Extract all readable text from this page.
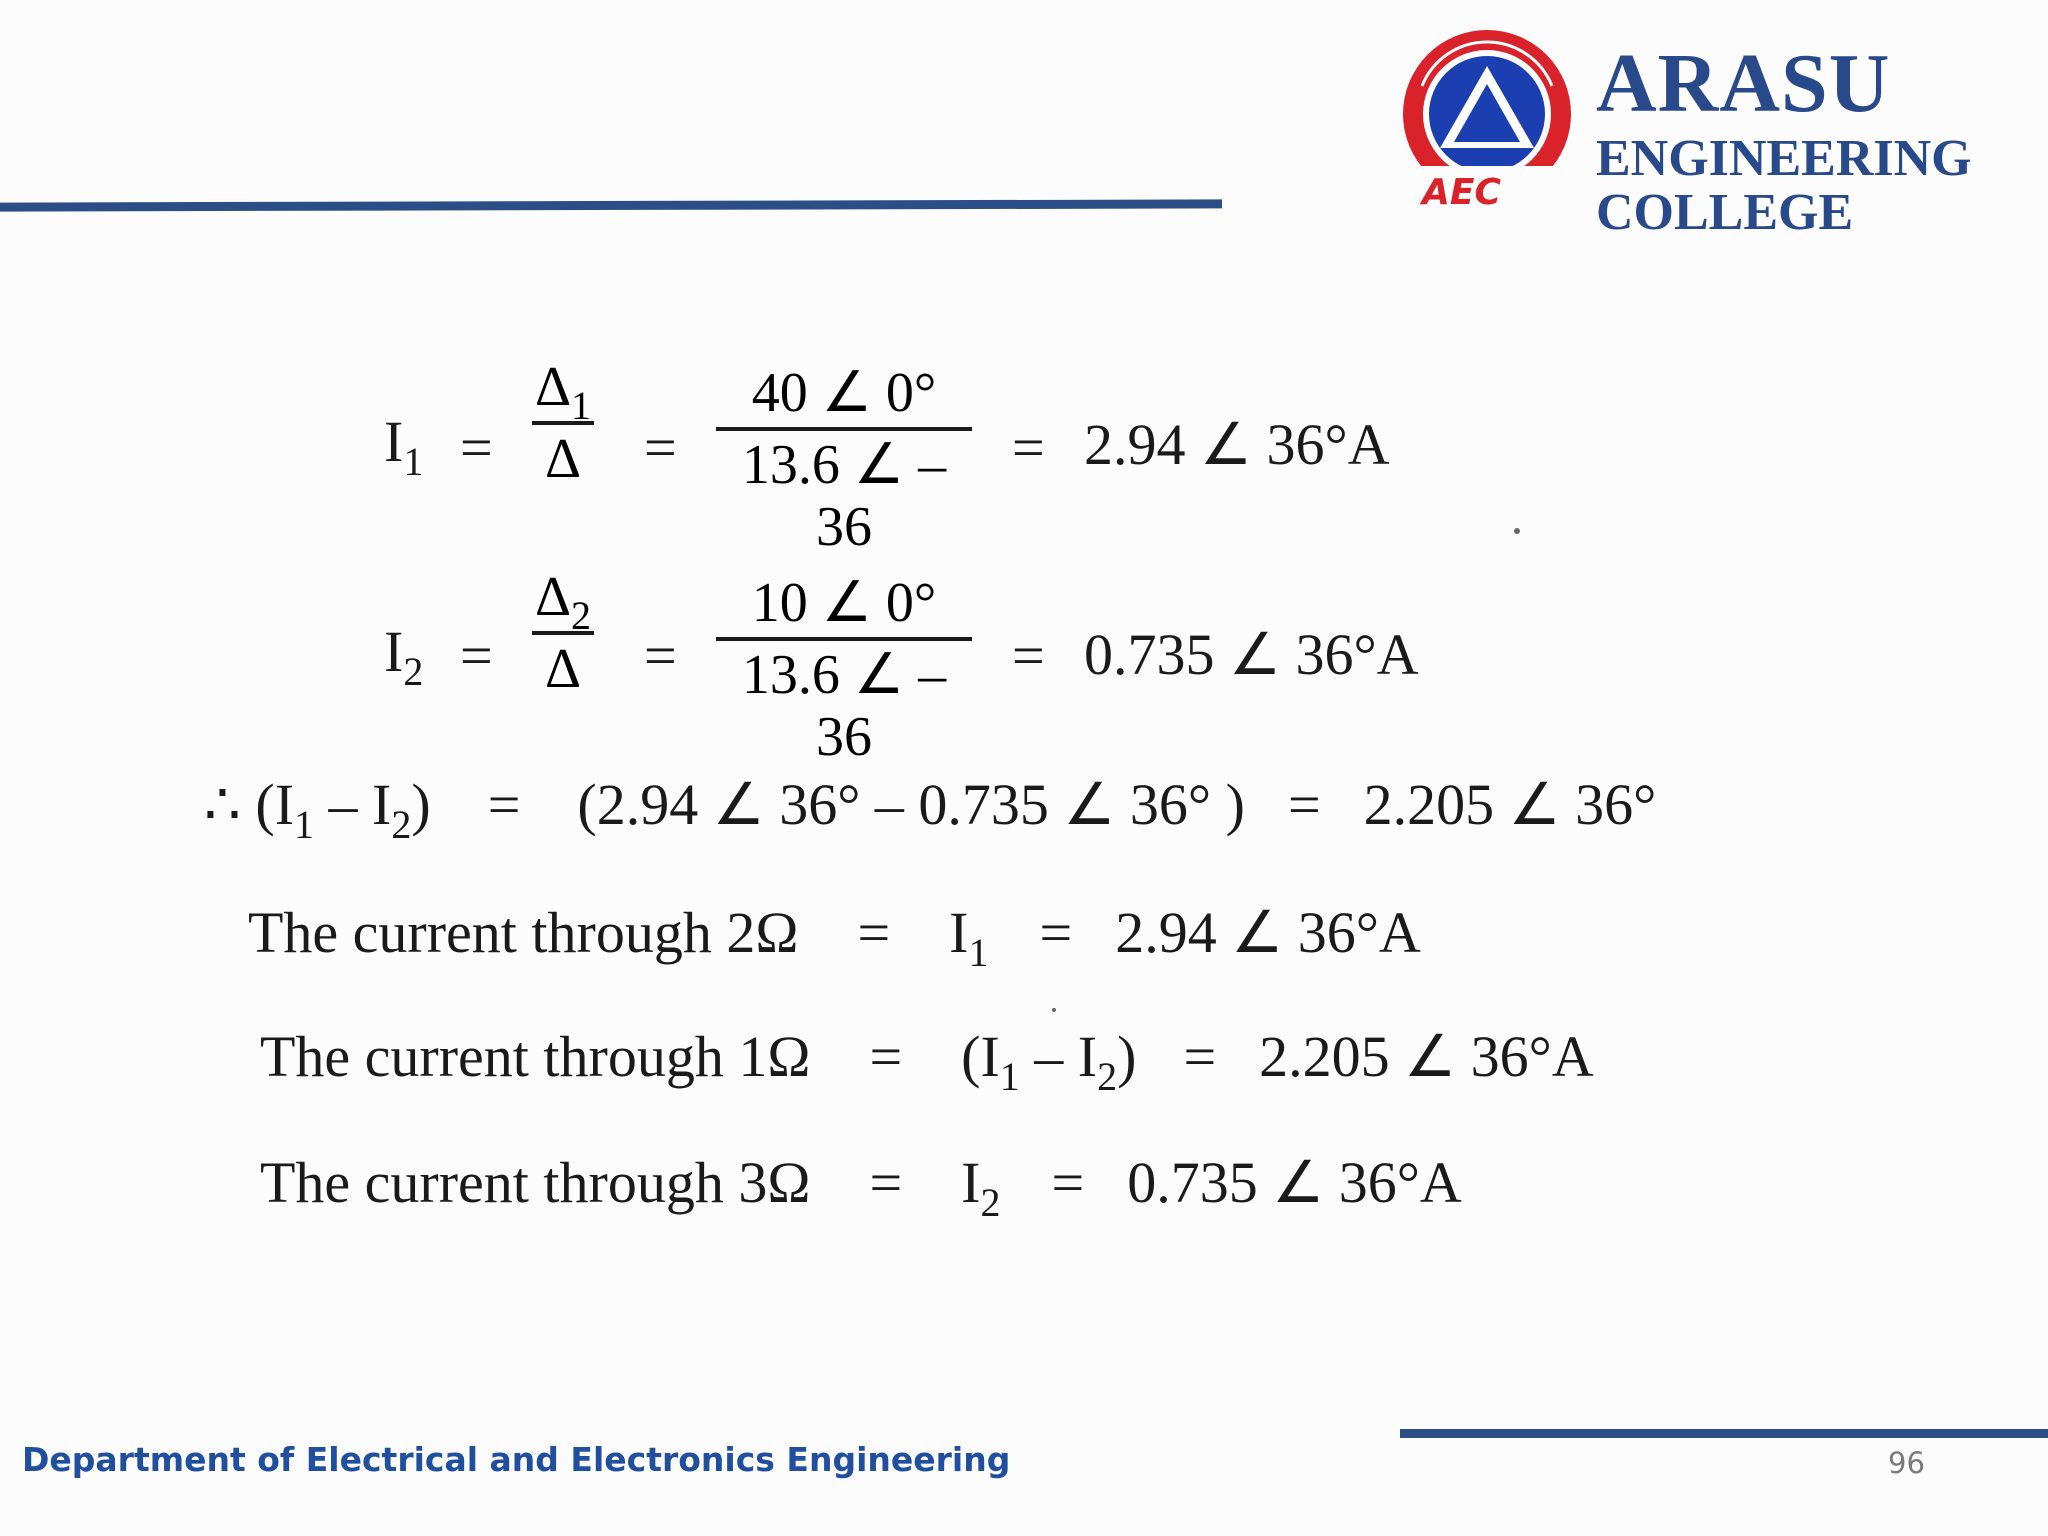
AEC
ARASU
ENGINEERING
COLLEGE
$I_1$ =
$\Delta_1$
Δ =
40 ∠ 0°
13.6 ∠ – 36
= 2.94 ∠ 36°A
$I_2$ =
$\Delta_2$
Δ =
10 ∠ 0°
13.6 ∠ – 36
= 0.735 ∠ 36°A
∴ $(I_1 - I_2) = (2.94$ ∠ 36° – 0.735 ∠ 36° ) = 2.205 ∠ 36°
The current through $2\Omega = I_1 = 2.94$ ∠ 36°A
The current through $1\Omega = (I_1 - I_2) = 2.205$ ∠ 36°A
The current through $3\Omega = I_2 = 0.735$ ∠ 36°A
Department of Electrical and Electronics Engineering	96
